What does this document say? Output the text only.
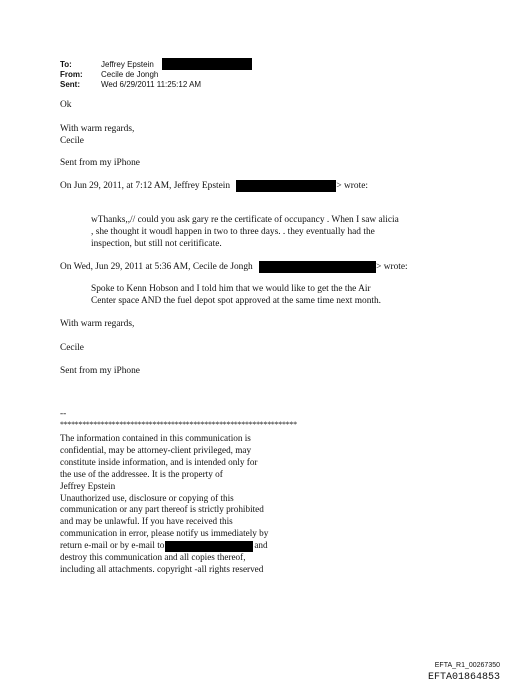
To:	Jeffrey Epstein
From: Cecile de Jongh
Sent:	Wed 6/29/2011 11:25:12 AM
Ok
With warm regards,
Cecile
Sent from my iPhone
On Jun 29, 2011, at 7:12 AM, Jeffrey Epstein	> wrote:
wThanks,,// could you ask gary re the certificate of occupancy . When I saw alicia
, she thought it woudl happen in two to three days. . they eventually had the
inspection, but still not ceritificate.
On Wed, Jun 29, 2011 at 5:36 AM, Cecile de Jongh	> wrote:
Spoke to Kenn Hobson and I told him that we would like to get the the Air
Center space AND the fuel depot spot approved at the same time next month.
With warm regards,
Cecile
Sent from my iPhone
--
****************************************************************
The information contained in this communication is
confidential, may be attorney-client privileged, may
constitute inside information, and is intended only for
the use of the addressee. It is the property of
Jeffrey Epstein
Unauthorized use, disclosure or copying of this
communication or any part thereof is strictly prohibited
and may be unlawful. If you have received this
communication in error, please notify us immediately by
return e-mail or by e-mail to	and
destroy this communication and all copies thereof,
including all attachments. copyright -all rights reserved
EFTA_R1_00267350
EFTA01864853
